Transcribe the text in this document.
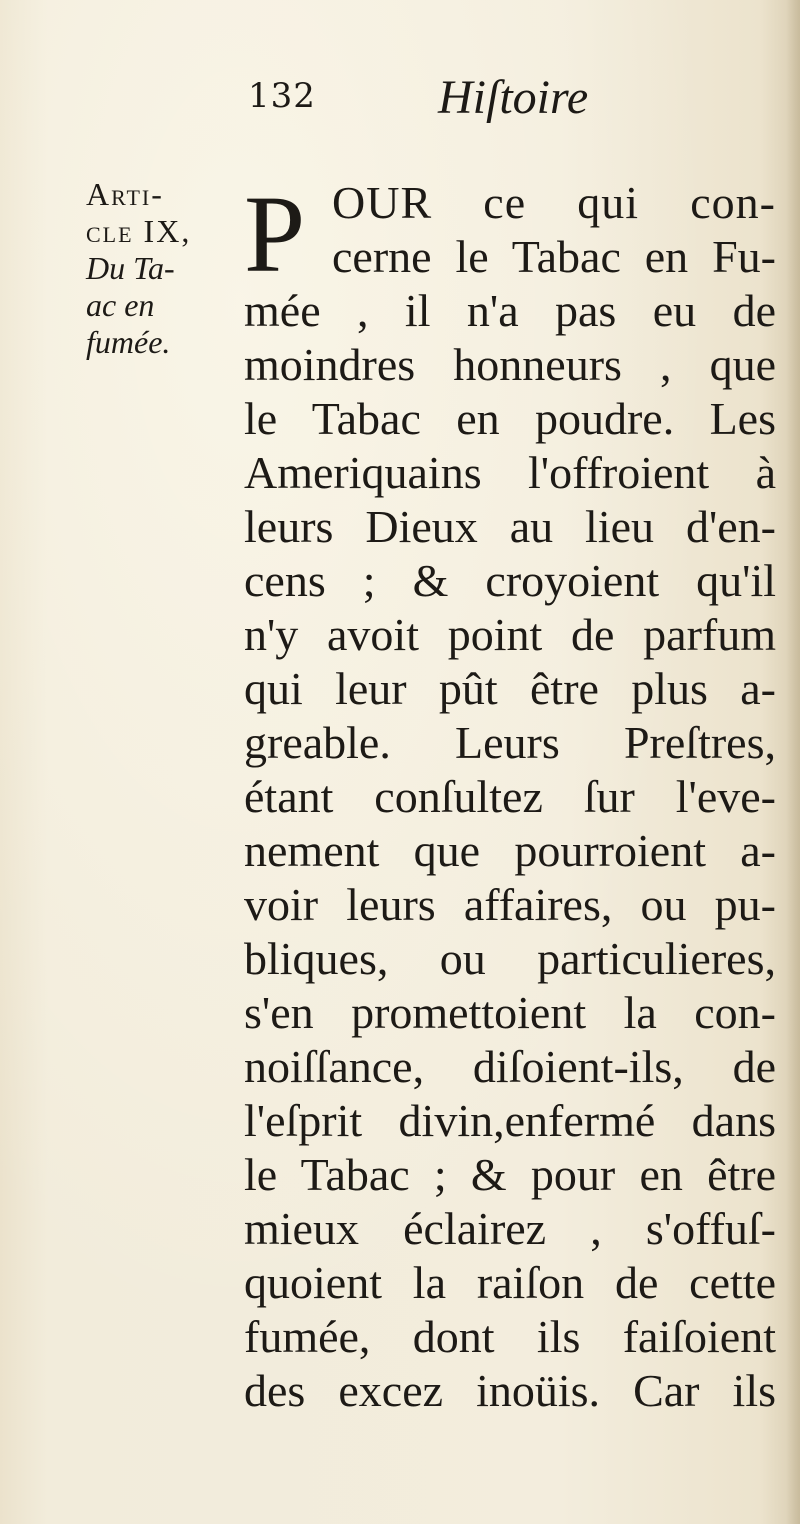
132	Hiſtoire
Arti-
cle IX,
Du Ta-
ac en
fumée.
P OUR ce qui con-
cerne le Tabac en Fu-
mée , il n'a pas eu de
moindres honneurs , que
le Tabac en poudre. Les
Ameriquains l'offroient à
leurs Dieux au lieu d'en-
cens ; & croyoient qu'il
n'y avoit point de parfum
qui leur pût être plus a-
greable. Leurs Preſtres,
étant conſultez ſur l'eve-
nement que pourroient a-
voir leurs affaires, ou pu-
bliques, ou particulieres,
s'en promettoient la con-
noiſſance, diſoient-ils, de
l'eſprit divin,enfermé dans
le Tabac ; & pour en être
mieux éclairez , s'offuſ-
quoient la raiſon de cette
fumée, dont ils faiſoient
des excez inoüis. Car ils
